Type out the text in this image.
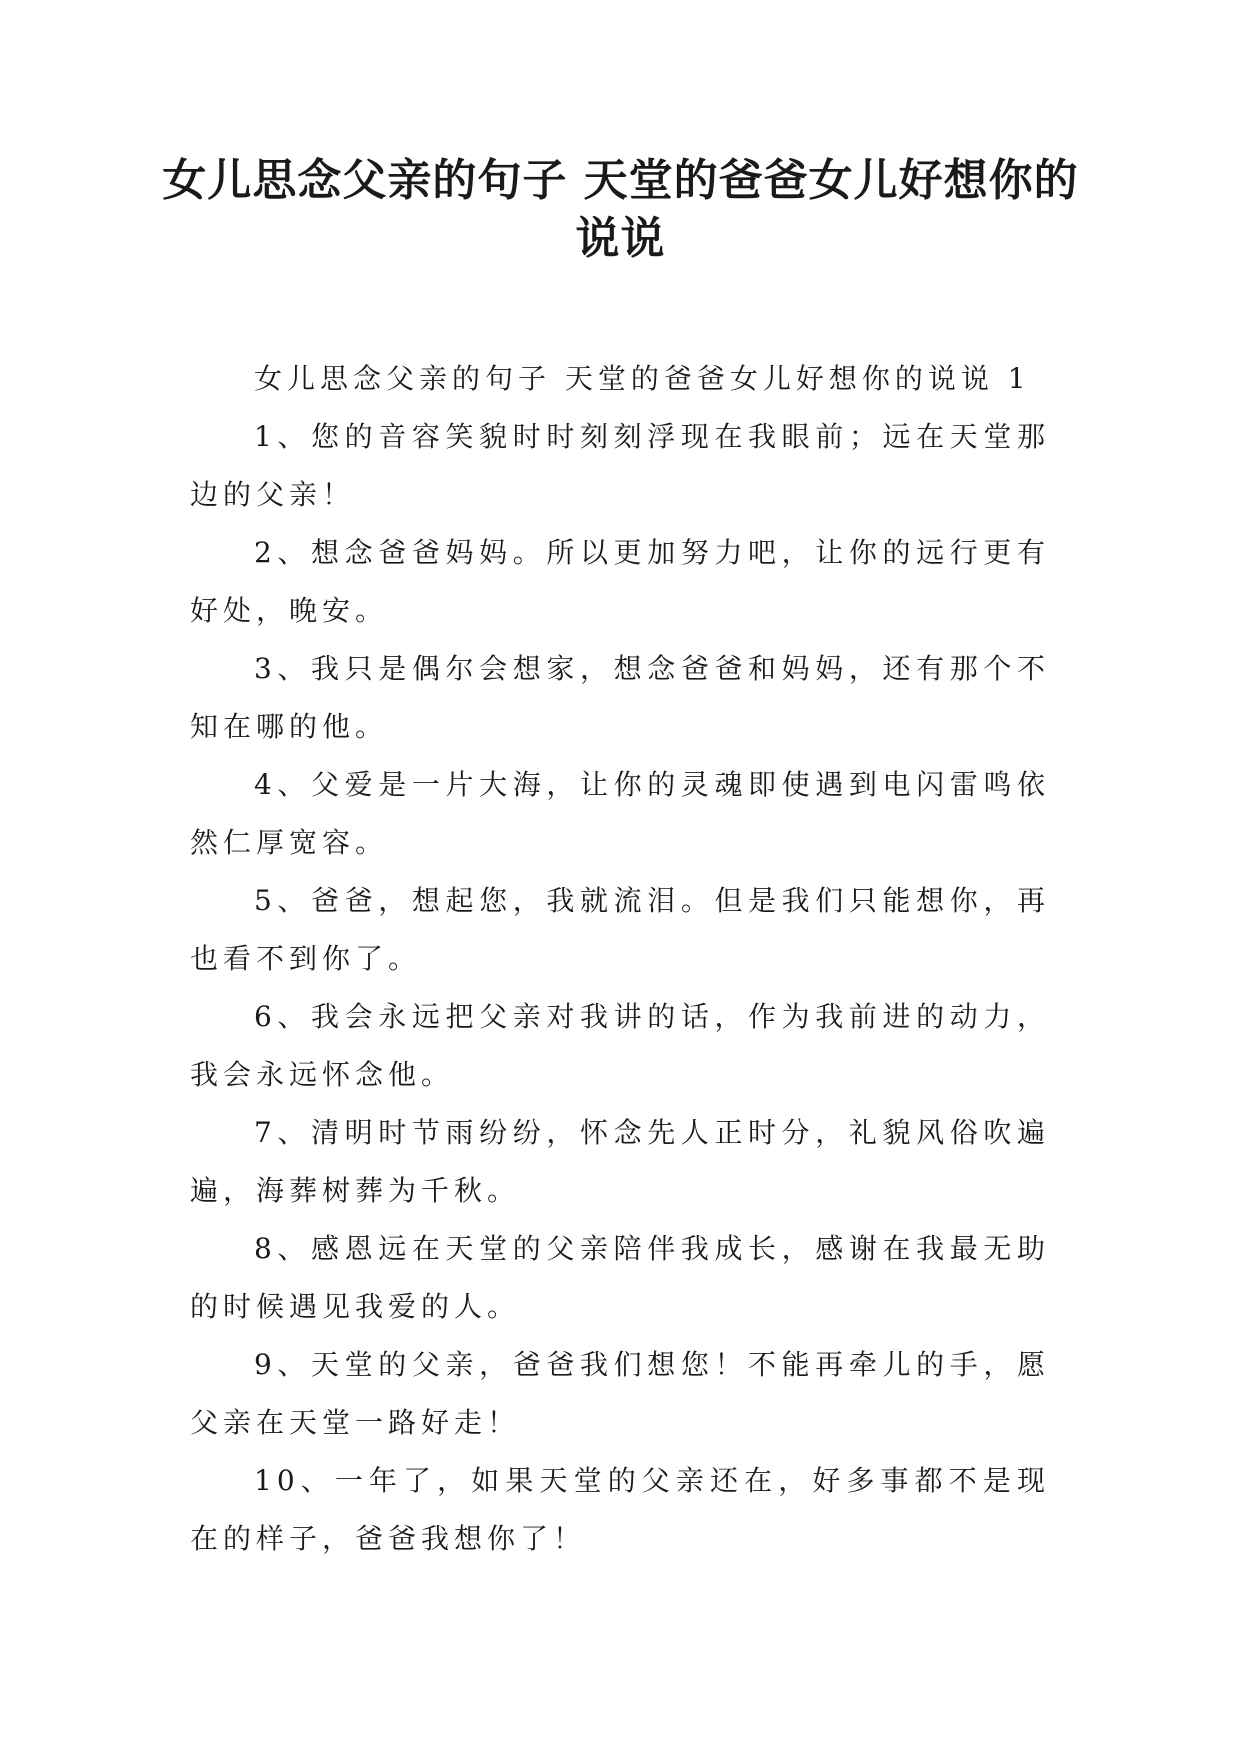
女儿思念父亲的句子 天堂的爸爸女儿好想你的说说

女儿思念父亲的句子 天堂的爸爸女儿好想你的说说 1

1、您的音容笑貌时时刻刻浮现在我眼前；远在天堂那边的父亲！

2、想念爸爸妈妈。所以更加努力吧，让你的远行更有好处，晚安。

3、我只是偶尔会想家，想念爸爸和妈妈，还有那个不知在哪的他。

4、父爱是一片大海，让你的灵魂即使遇到电闪雷鸣依然仁厚宽容。

5、爸爸，想起您，我就流泪。但是我们只能想你，再也看不到你了。

6、我会永远把父亲对我讲的话，作为我前进的动力，我会永远怀念他。

7、清明时节雨纷纷，怀念先人正时分，礼貌风俗吹遍遍，海葬树葬为千秋。

8、感恩远在天堂的父亲陪伴我成长，感谢在我最无助的时候遇见我爱的人。

9、天堂的父亲，爸爸我们想您！不能再牵儿的手，愿父亲在天堂一路好走！

10、一年了，如果天堂的父亲还在，好多事都不是现在的样子，爸爸我想你了！
